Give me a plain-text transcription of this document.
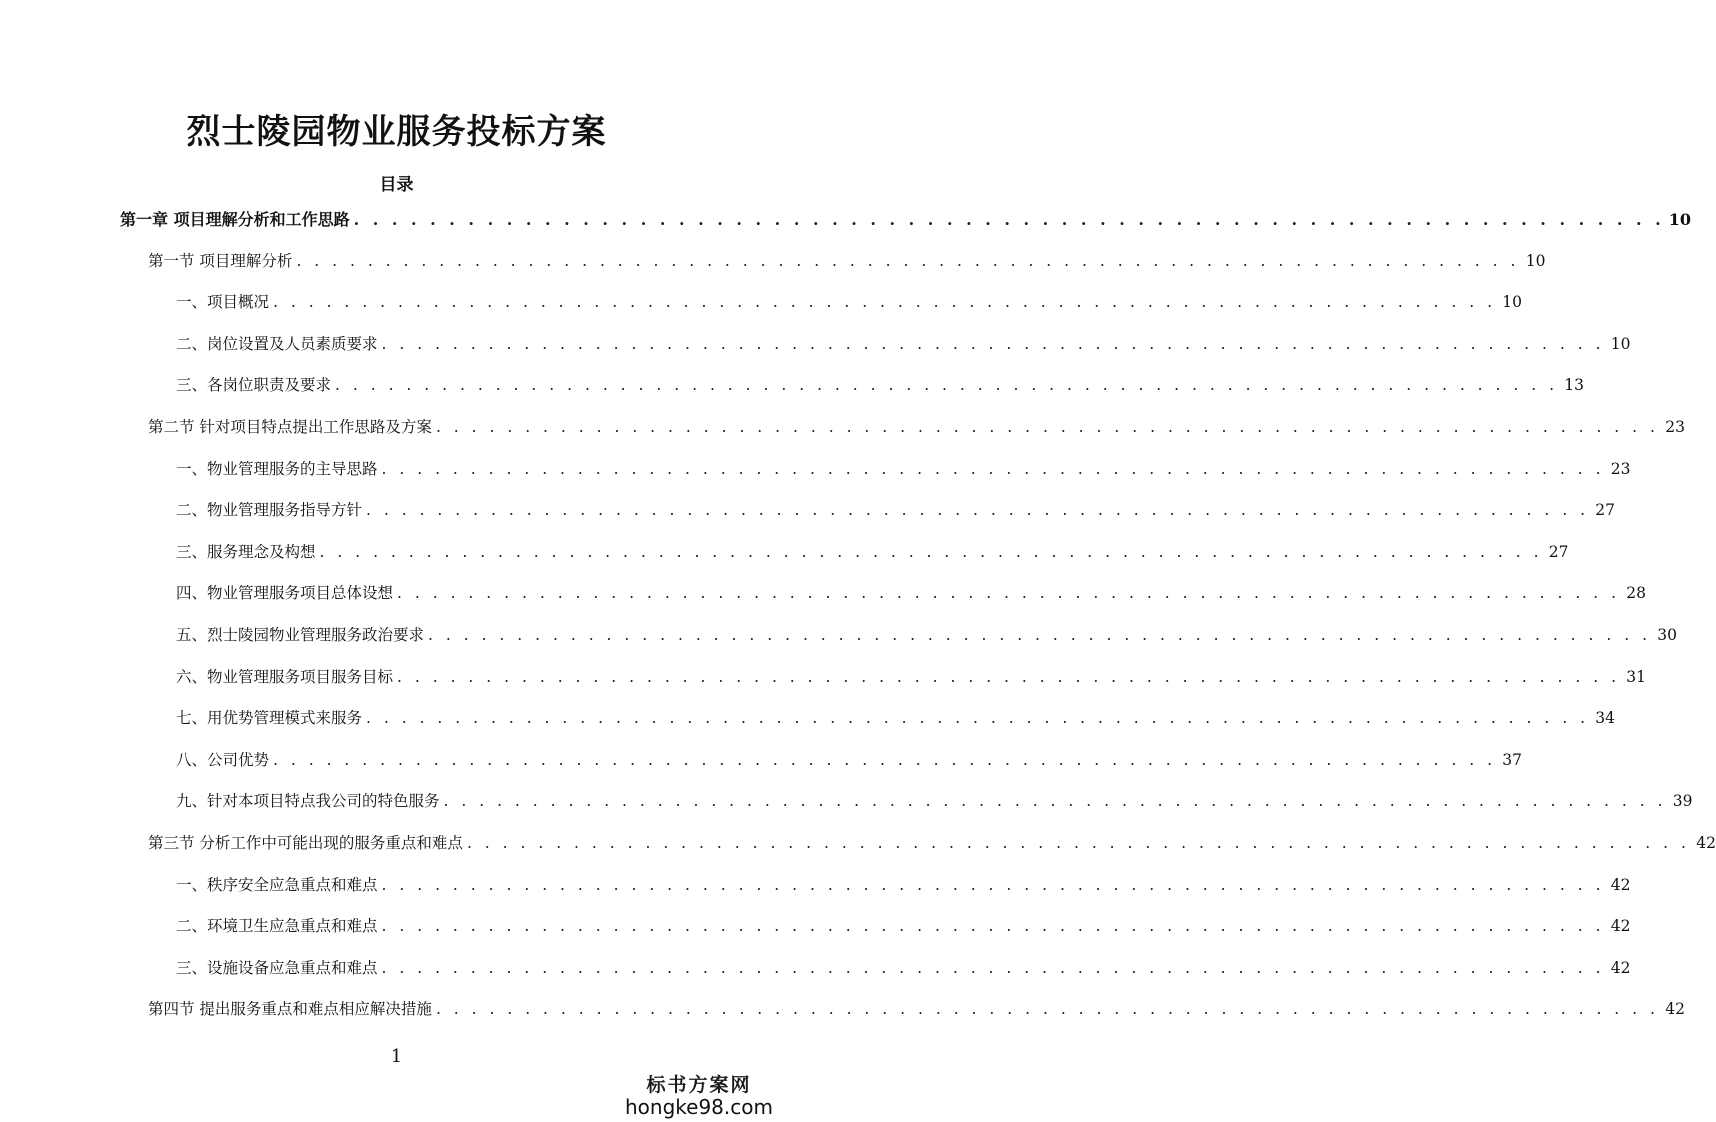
烈士陵园物业服务投标方案
目录
第一章 项目理解分析和工作思路 . . . . . . . . . . . . . . . . . . . . . . . . . . . . . . . . . . . . . . . . . . . . . . . . . . . . . . . . . . . . . . . . . . . . . 10
第一节 项目理解分析 . . . . . . . . . . . . . . . . . . . . . . . . . . . . . . . . . . . . . . . . . . . . . . . . . . . . . . . . . . . . . . . . . . . . . 10
一、项目概况 . . . . . . . . . . . . . . . . . . . . . . . . . . . . . . . . . . . . . . . . . . . . . . . . . . . . . . . . . . . . . . . . . . . . . 10
二、岗位设置及人员素质要求 . . . . . . . . . . . . . . . . . . . . . . . . . . . . . . . . . . . . . . . . . . . . . . . . . . . . . . . . . . . . . . . . . . . . . 10
三、各岗位职责及要求 . . . . . . . . . . . . . . . . . . . . . . . . . . . . . . . . . . . . . . . . . . . . . . . . . . . . . . . . . . . . . . . . . . . . . 13
第二节 针对项目特点提出工作思路及方案 . . . . . . . . . . . . . . . . . . . . . . . . . . . . . . . . . . . . . . . . . . . . . . . . . . . . . . . . . . . . . . . . . . . . . 23
一、物业管理服务的主导思路 . . . . . . . . . . . . . . . . . . . . . . . . . . . . . . . . . . . . . . . . . . . . . . . . . . . . . . . . . . . . . . . . . . . . . 23
二、物业管理服务指导方针 . . . . . . . . . . . . . . . . . . . . . . . . . . . . . . . . . . . . . . . . . . . . . . . . . . . . . . . . . . . . . . . . . . . . . 27
三、服务理念及构想 . . . . . . . . . . . . . . . . . . . . . . . . . . . . . . . . . . . . . . . . . . . . . . . . . . . . . . . . . . . . . . . . . . . . . 27
四、物业管理服务项目总体设想 . . . . . . . . . . . . . . . . . . . . . . . . . . . . . . . . . . . . . . . . . . . . . . . . . . . . . . . . . . . . . . . . . . . . . 28
五、烈士陵园物业管理服务政治要求 . . . . . . . . . . . . . . . . . . . . . . . . . . . . . . . . . . . . . . . . . . . . . . . . . . . . . . . . . . . . . . . . . . . . . 30
六、物业管理服务项目服务目标 . . . . . . . . . . . . . . . . . . . . . . . . . . . . . . . . . . . . . . . . . . . . . . . . . . . . . . . . . . . . . . . . . . . . . 31
七、用优势管理模式来服务 . . . . . . . . . . . . . . . . . . . . . . . . . . . . . . . . . . . . . . . . . . . . . . . . . . . . . . . . . . . . . . . . . . . . . 34
八、公司优势 . . . . . . . . . . . . . . . . . . . . . . . . . . . . . . . . . . . . . . . . . . . . . . . . . . . . . . . . . . . . . . . . . . . . . 37
九、针对本项目特点我公司的特色服务 . . . . . . . . . . . . . . . . . . . . . . . . . . . . . . . . . . . . . . . . . . . . . . . . . . . . . . . . . . . . . . . . . . . . . 39
第三节 分析工作中可能出现的服务重点和难点 . . . . . . . . . . . . . . . . . . . . . . . . . . . . . . . . . . . . . . . . . . . . . . . . . . . . . . . . . . . . . . . . . . . . . 42
一、秩序安全应急重点和难点 . . . . . . . . . . . . . . . . . . . . . . . . . . . . . . . . . . . . . . . . . . . . . . . . . . . . . . . . . . . . . . . . . . . . . 42
二、环境卫生应急重点和难点 . . . . . . . . . . . . . . . . . . . . . . . . . . . . . . . . . . . . . . . . . . . . . . . . . . . . . . . . . . . . . . . . . . . . . 42
三、设施设备应急重点和难点 . . . . . . . . . . . . . . . . . . . . . . . . . . . . . . . . . . . . . . . . . . . . . . . . . . . . . . . . . . . . . . . . . . . . . 42
第四节 提出服务重点和难点相应解决措施 . . . . . . . . . . . . . . . . . . . . . . . . . . . . . . . . . . . . . . . . . . . . . . . . . . . . . . . . . . . . . . . . . . . . . 42
1
标书方案网
hongke98.com
